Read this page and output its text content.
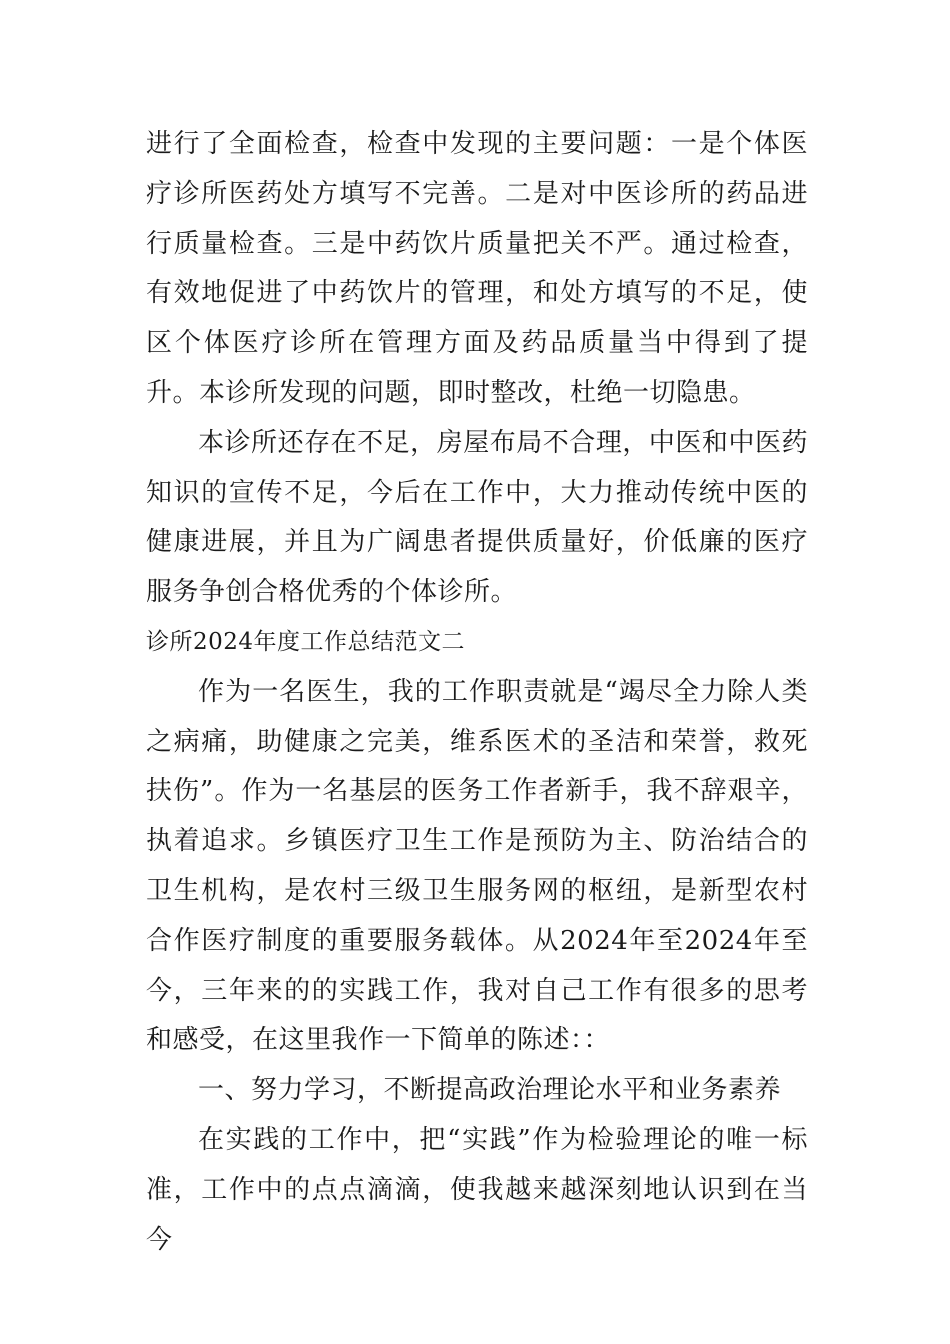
进行了全面检查，检查中发现的主要问题：一是个体医疗诊所医药处方填写不完善。二是对中医诊所的药品进行质量检查。三是中药饮片质量把关不严。通过检查，有效地促进了中药饮片的管理，和处方填写的不足，使区个体医疗诊所在管理方面及药品质量当中得到了提升。本诊所发现的问题，即时整改，杜绝一切隐患。

本诊所还存在不足，房屋布局不合理，中医和中医药知识的宣传不足，今后在工作中，大力推动传统中医的健康进展，并且为广阔患者提供质量好，价低廉的医疗服务争创合格优秀的个体诊所。

诊所2024年度工作总结范文二

作为一名医生，我的工作职责就是“竭尽全力除人类之病痛，助健康之完美，维系医术的圣洁和荣誉，救死扶伤”。作为一名基层的医务工作者新手，我不辞艰辛，执着追求。乡镇医疗卫生工作是预防为主、防治结合的卫生机构，是农村三级卫生服务网的枢纽，是新型农村合作医疗制度的重要服务载体。从2024年至2024年至今，三年来的的实践工作，我对自己工作有很多的思考和感受，在这里我作一下简单的陈述：：

一、努力学习，不断提高政治理论水平和业务素养

在实践的工作中，把“实践”作为检验理论的唯一标准，工作中的点点滴滴，使我越来越深刻地认识到在当今
